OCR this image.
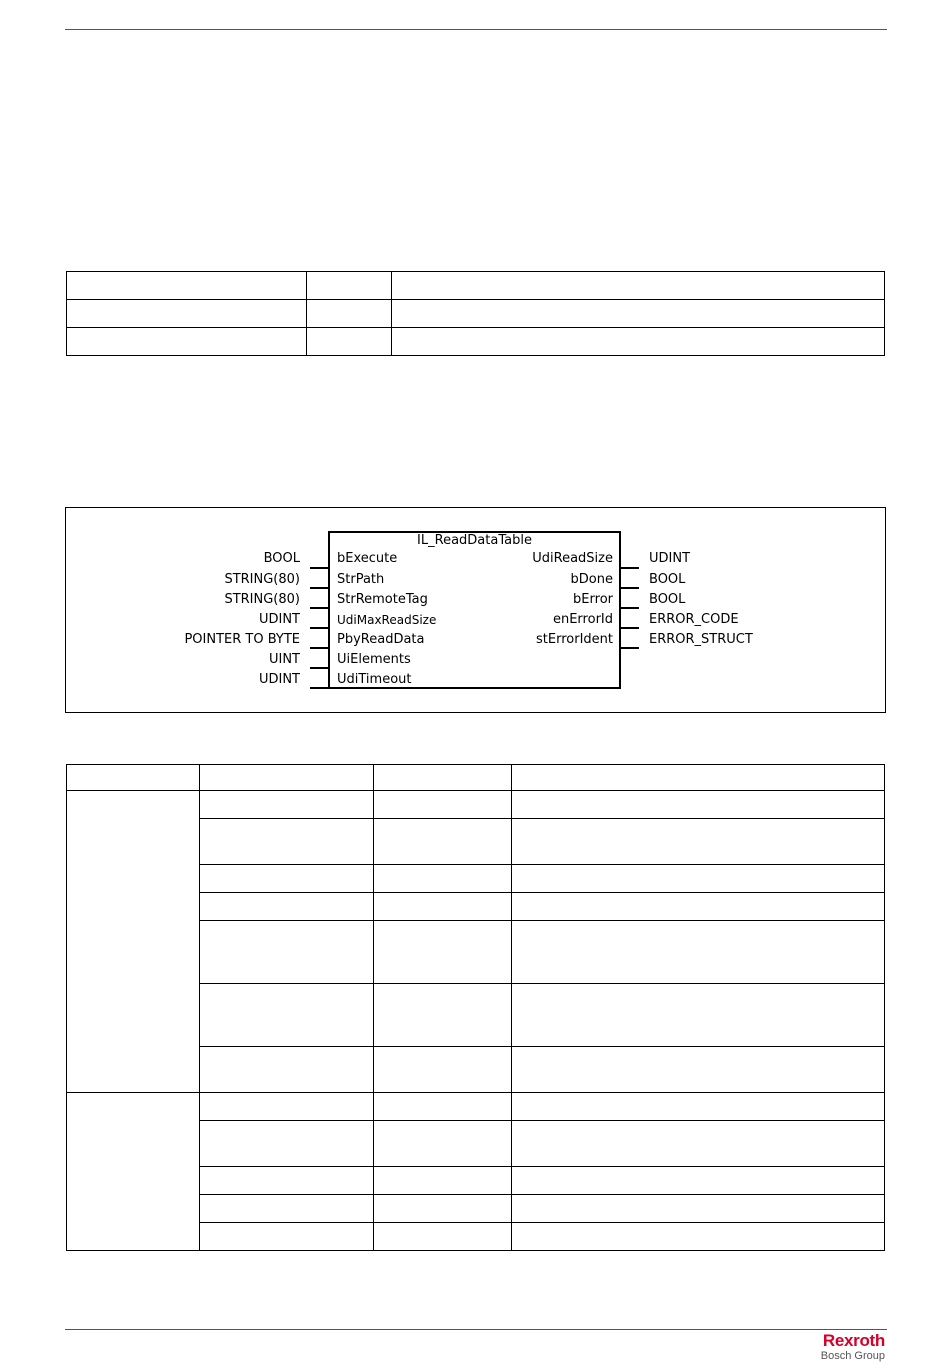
IL_ReadDataTable
BOOL
STRING(80)
STRING(80)
UDINT
POINTER TO BYTE
UINT
UDINT
bExecute
StrPath
StrRemoteTag
UdiMaxReadSize
PbyReadData
UiElements
UdiTimeout
UdiReadSize
bDone
bError
enErrorId
stErrorIdent
UDINT
BOOL
BOOL
ERROR_CODE
ERROR_STRUCT

Rexroth
Bosch Group
